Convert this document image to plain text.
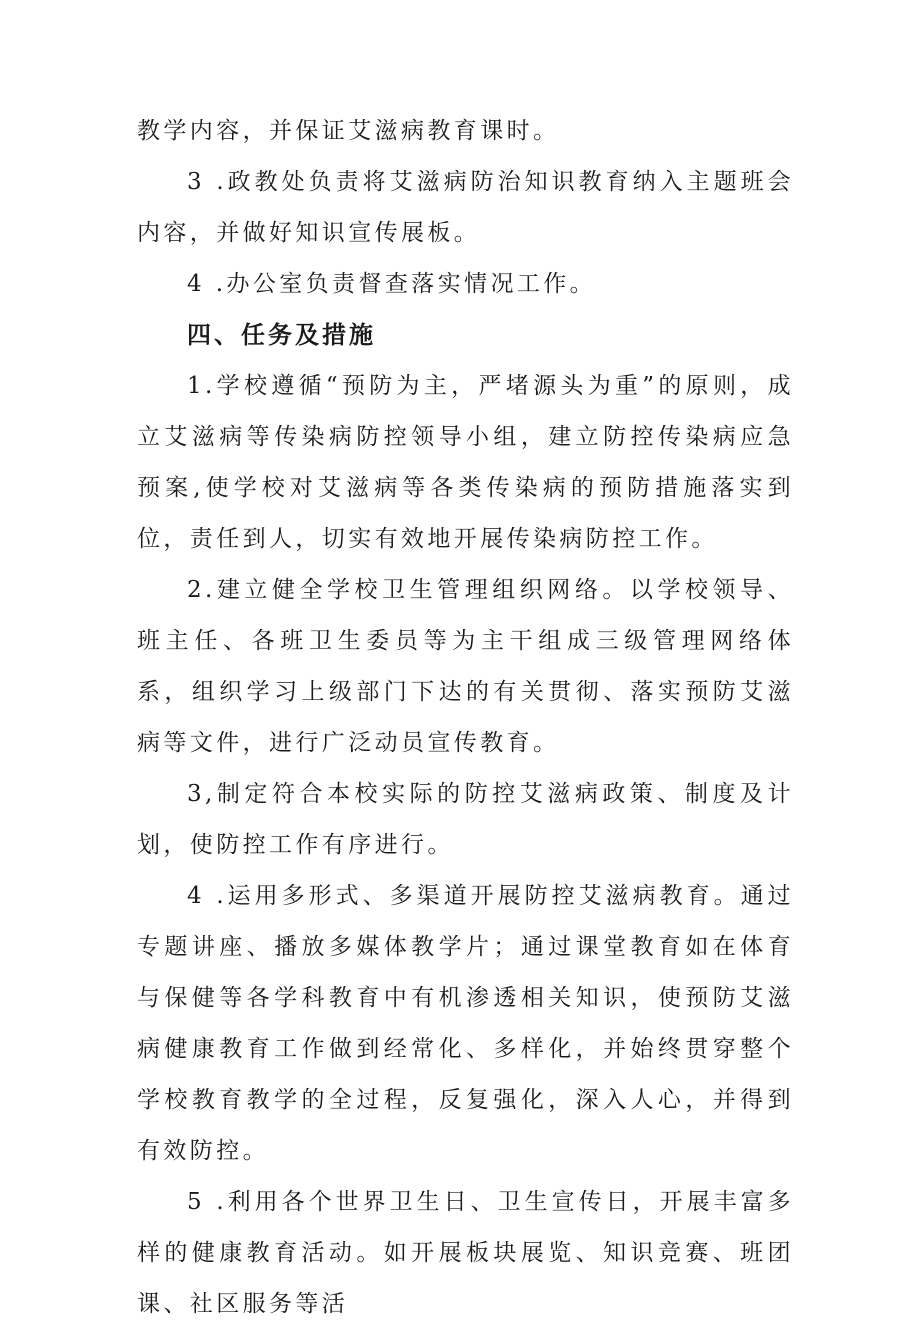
教学内容，并保证艾滋病教育课时。

3 .政教处负责将艾滋病防治知识教育纳入主题班会内容，并做好知识宣传展板。

4 .办公室负责督查落实情况工作。

四、任务及措施

1.学校遵循“预防为主，严堵源头为重”的原则，成立艾滋病等传染病防控领导小组，建立防控传染病应急预案,使学校对艾滋病等各类传染病的预防措施落实到位，责任到人，切实有效地开展传染病防控工作。

2.建立健全学校卫生管理组织网络。以学校领导、班主任、各班卫生委员等为主干组成三级管理网络体系，组织学习上级部门下达的有关贯彻、落实预防艾滋病等文件，进行广泛动员宣传教育。

3,制定符合本校实际的防控艾滋病政策、制度及计划，使防控工作有序进行。

4 .运用多形式、多渠道开展防控艾滋病教育。通过专题讲座、播放多媒体教学片；通过课堂教育如在体育与保健等各学科教育中有机渗透相关知识，使预防艾滋病健康教育工作做到经常化、多样化，并始终贯穿整个学校教育教学的全过程，反复强化，深入人心，并得到有效防控。

5 .利用各个世界卫生日、卫生宣传日，开展丰富多样的健康教育活动。如开展板块展览、知识竞赛、班团课、社区服务等活
